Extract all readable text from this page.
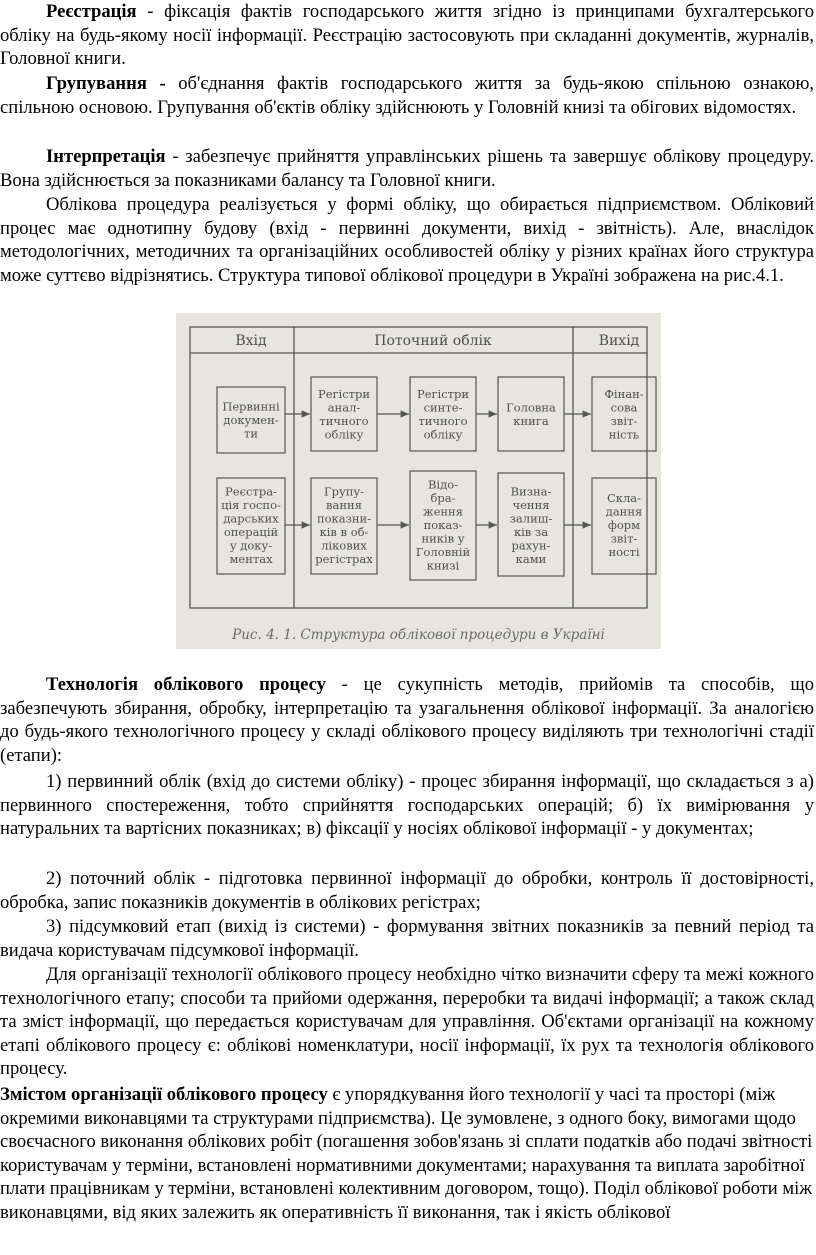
Реєстрація - фіксація фактів господарського життя згідно із принципами бухгалтерського обліку на будь-якому носії інформації. Реєстрацію застосовують при складанні документів, журналів, Головної книги.

Групування - об'єднання фактів господарського життя за будь-якою спільною ознакою, спільною основою. Групування об'єктів обліку здійснюють у Головній книзі та обігових відомостях.

Інтерпретація - забезпечує прийняття управлінських рішень та завершує облікову процедуру. Вона здійснюється за показниками балансу та Головної книги.

Облікова процедура реалізується у формі обліку, що обирається підприємством. Обліковий процес має однотипну будову (вхід - первинні документи, вихід - звітність). Але, внаслідок методологічних, методичних та організаційних особливостей обліку у різних країнах його структура може суттєво відрізнятись. Структура типової облікової процедури в Україні зображена на рис.4.1.

Вхід	Поточний облік	Вихід
Первинні
докумен-
ти
Регістри
анал-
тичного
обліку
Регістри
синте-
тичного
обліку
Головна
книга
Фінан-
сова
звіт-
ність
Реєстра-
ція госпо-
дарських
операцій
у доку-
ментах
Групу-
вання
показни-
ків в об-
лікових
регістрах
Відо-
бра-
ження
показ-
ників у
Головній
книзі
Визна-
чення
залиш-
ків за
рахун-
ками
Скла-
дання
форм
звіт-
ності
Рис. 4. 1. Структура облікової процедури в Україні

Технологія облікового процесу - це сукупність методів, прийомів та способів, що забезпечують збирання, обробку, інтерпретацію та узагальнення облікової інформації. За аналогією до будь-якого технологічного процесу у складі облікового процесу виділяють три технологічні стадії (етапи):

1) первинний облік (вхід до системи обліку) - процес збирання інформації, що складається з а) первинного спостереження, тобто сприйняття господарських операцій; б) їх вимірювання у натуральних та вартісних показниках; в) фіксації у носіях облікової інформації - у документах;

2) поточний облік - підготовка первинної інформації до обробки, контроль її достовірності, обробка, запис показників документів в облікових регістрах;

3) підсумковий етап (вихід із системи) - формування звітних показників за певний період та видача користувачам підсумкової інформації.

Для організації технології облікового процесу необхідно чітко визначити сферу та межі кожного технологічного етапу; способи та прийоми одержання, переробки та видачі інформації; а також склад та зміст інформації, що передається користувачам для управління. Об'єктами організації на кожному етапі облікового процесу є: облікові номенклатури, носії інформації, їх рух та технологія облікового процесу.

Змістом організації облікового процесу є упорядкування його технології у часі та просторі (між окремими виконавцями та структурами підприємства). Це зумовлене, з одного боку, вимогами щодо своєчасного виконання облікових робіт (погашення зобов'язань зі сплати податків або подачі звітності користувачам у терміни, встановлені нормативними документами; нарахування та виплата заробітної плати працівникам у терміни, встановлені колективним договором, тощо). Поділ облікової роботи між виконавцями, від яких залежить як оперативність її виконання, так і якість облікової
